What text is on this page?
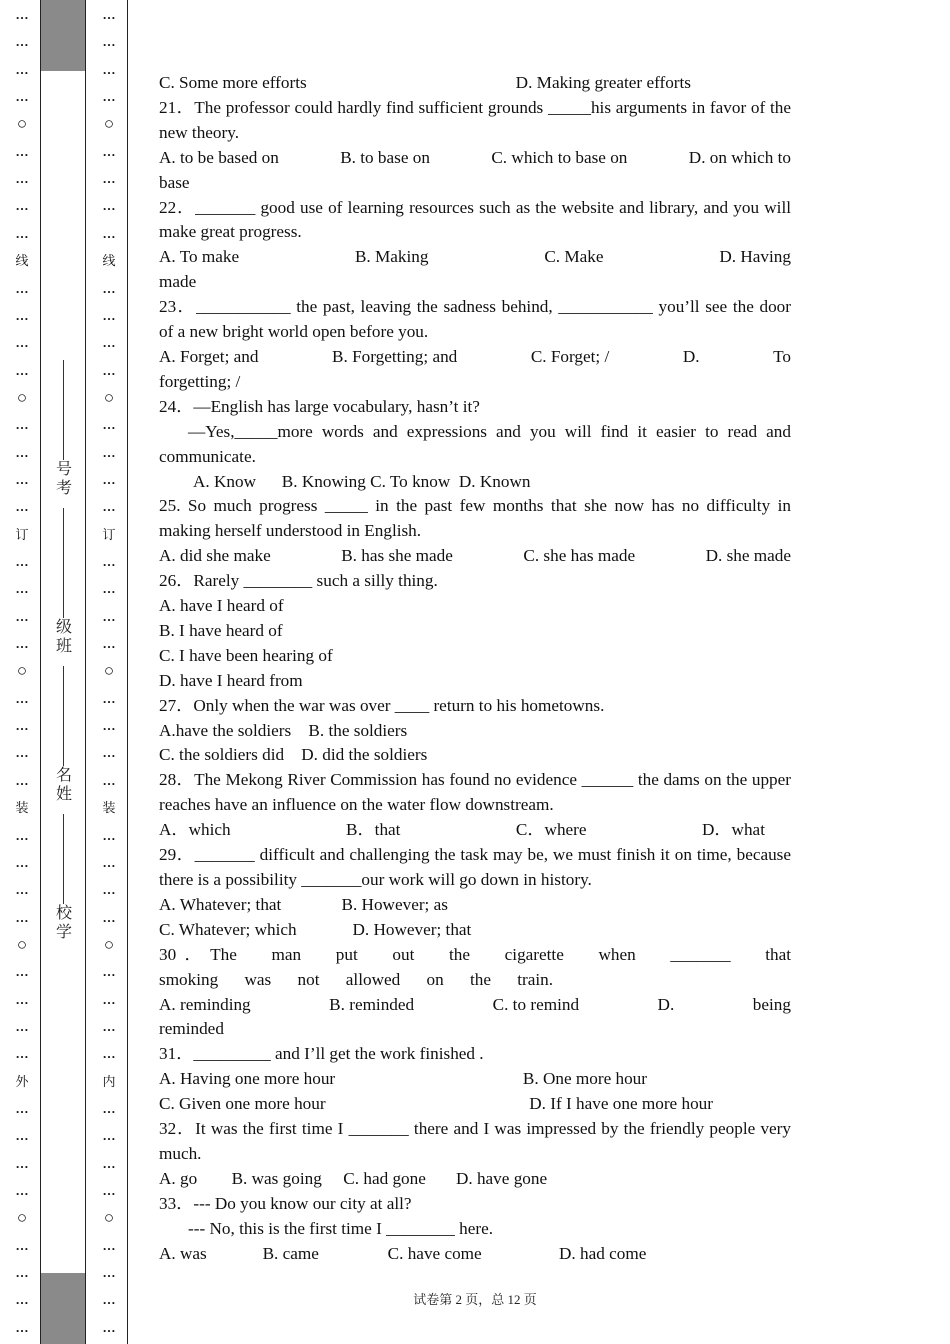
…
…
…
…
○
…
…
…
…
线
…
…
…
…
○
…
…
…
…
订
…
…
…
…
○
…
…
…
…
装
…
…
…
…
○
…
…
…
…
外
…
…
…
…
○
…
…
…
…
…
…
…
…
○
…
…
…
…
线
…
…
…
…
○
…
…
…
…
订
…
…
…
…
○
…
…
…
…
装
…
…
…
…
○
…
…
…
…
内
…
…
…
…
○
…
…
…
…
号
考
级
班
名
姓
校
学
C. Some more efforts	D. Making greater efforts

21．The professor could hardly find sufficient grounds _____his arguments in favor of the new theory.

A. to be based on	B. to base on	C. which to base on	D. on which to

base

22．_______ good use of learning resources such as the website and library, and you will make great progress.

A. To make	B. Making	C. Make	D. Having

made

23．___________ the past, leaving the sadness behind, ___________ you’ll see the door of a new bright world open before you.

A. Forget; and	B. Forgetting; and	C. Forget; /	D.	To

forgetting; /

24．—English has large vocabulary, hasn’t it?

—Yes,_____more words and expressions and you will find it easier to read and communicate.

A. Know      B. Knowing C. To know  D. Known

25. So much progress _____ in the past few months that she now has no difficulty in making herself understood in English.

A. did she make	B. has she made	C. she has made	D. she made

26．Rarely ________ such a silly thing.

A. have I heard of

B. I have heard of

C. I have been hearing of

D. have I heard from

27．Only when the war was over ____ return to his hometowns.

A.have the soldiers    B. the soldiers

C. the soldiers did    D. did the soldiers

28．The Mekong River Commission has found no evidence ______ the dams on the upper reaches have an influence on the water flow downstream.

A．which	B．that	C．where	D．what

29．_______ difficult and challenging the task may be, we must finish it on time, because there is a possibility _______our work will go down in history.

A. Whatever; that              B. However; as

C. Whatever; which             D. However; that

30．The man put out the cigarette when _______ that smoking was not allowed on the train.

A. reminding	B. reminded	C. to remind	D.	being

reminded

31．_________ and I’ll get the work finished .

A. Having one more hour	B. One more hour
C. Given one more hour	D. If I have one more hour

32．It was the first time I _______ there and I was impressed by the friendly people very much.

A. go        B. was going     C. had gone       D. have gone

33．--- Do you know our city at all?

--- No, this is the first time I ________ here.

A. was             B. came                C. have come                  D. had come

试卷第 2 页，总 12 页
